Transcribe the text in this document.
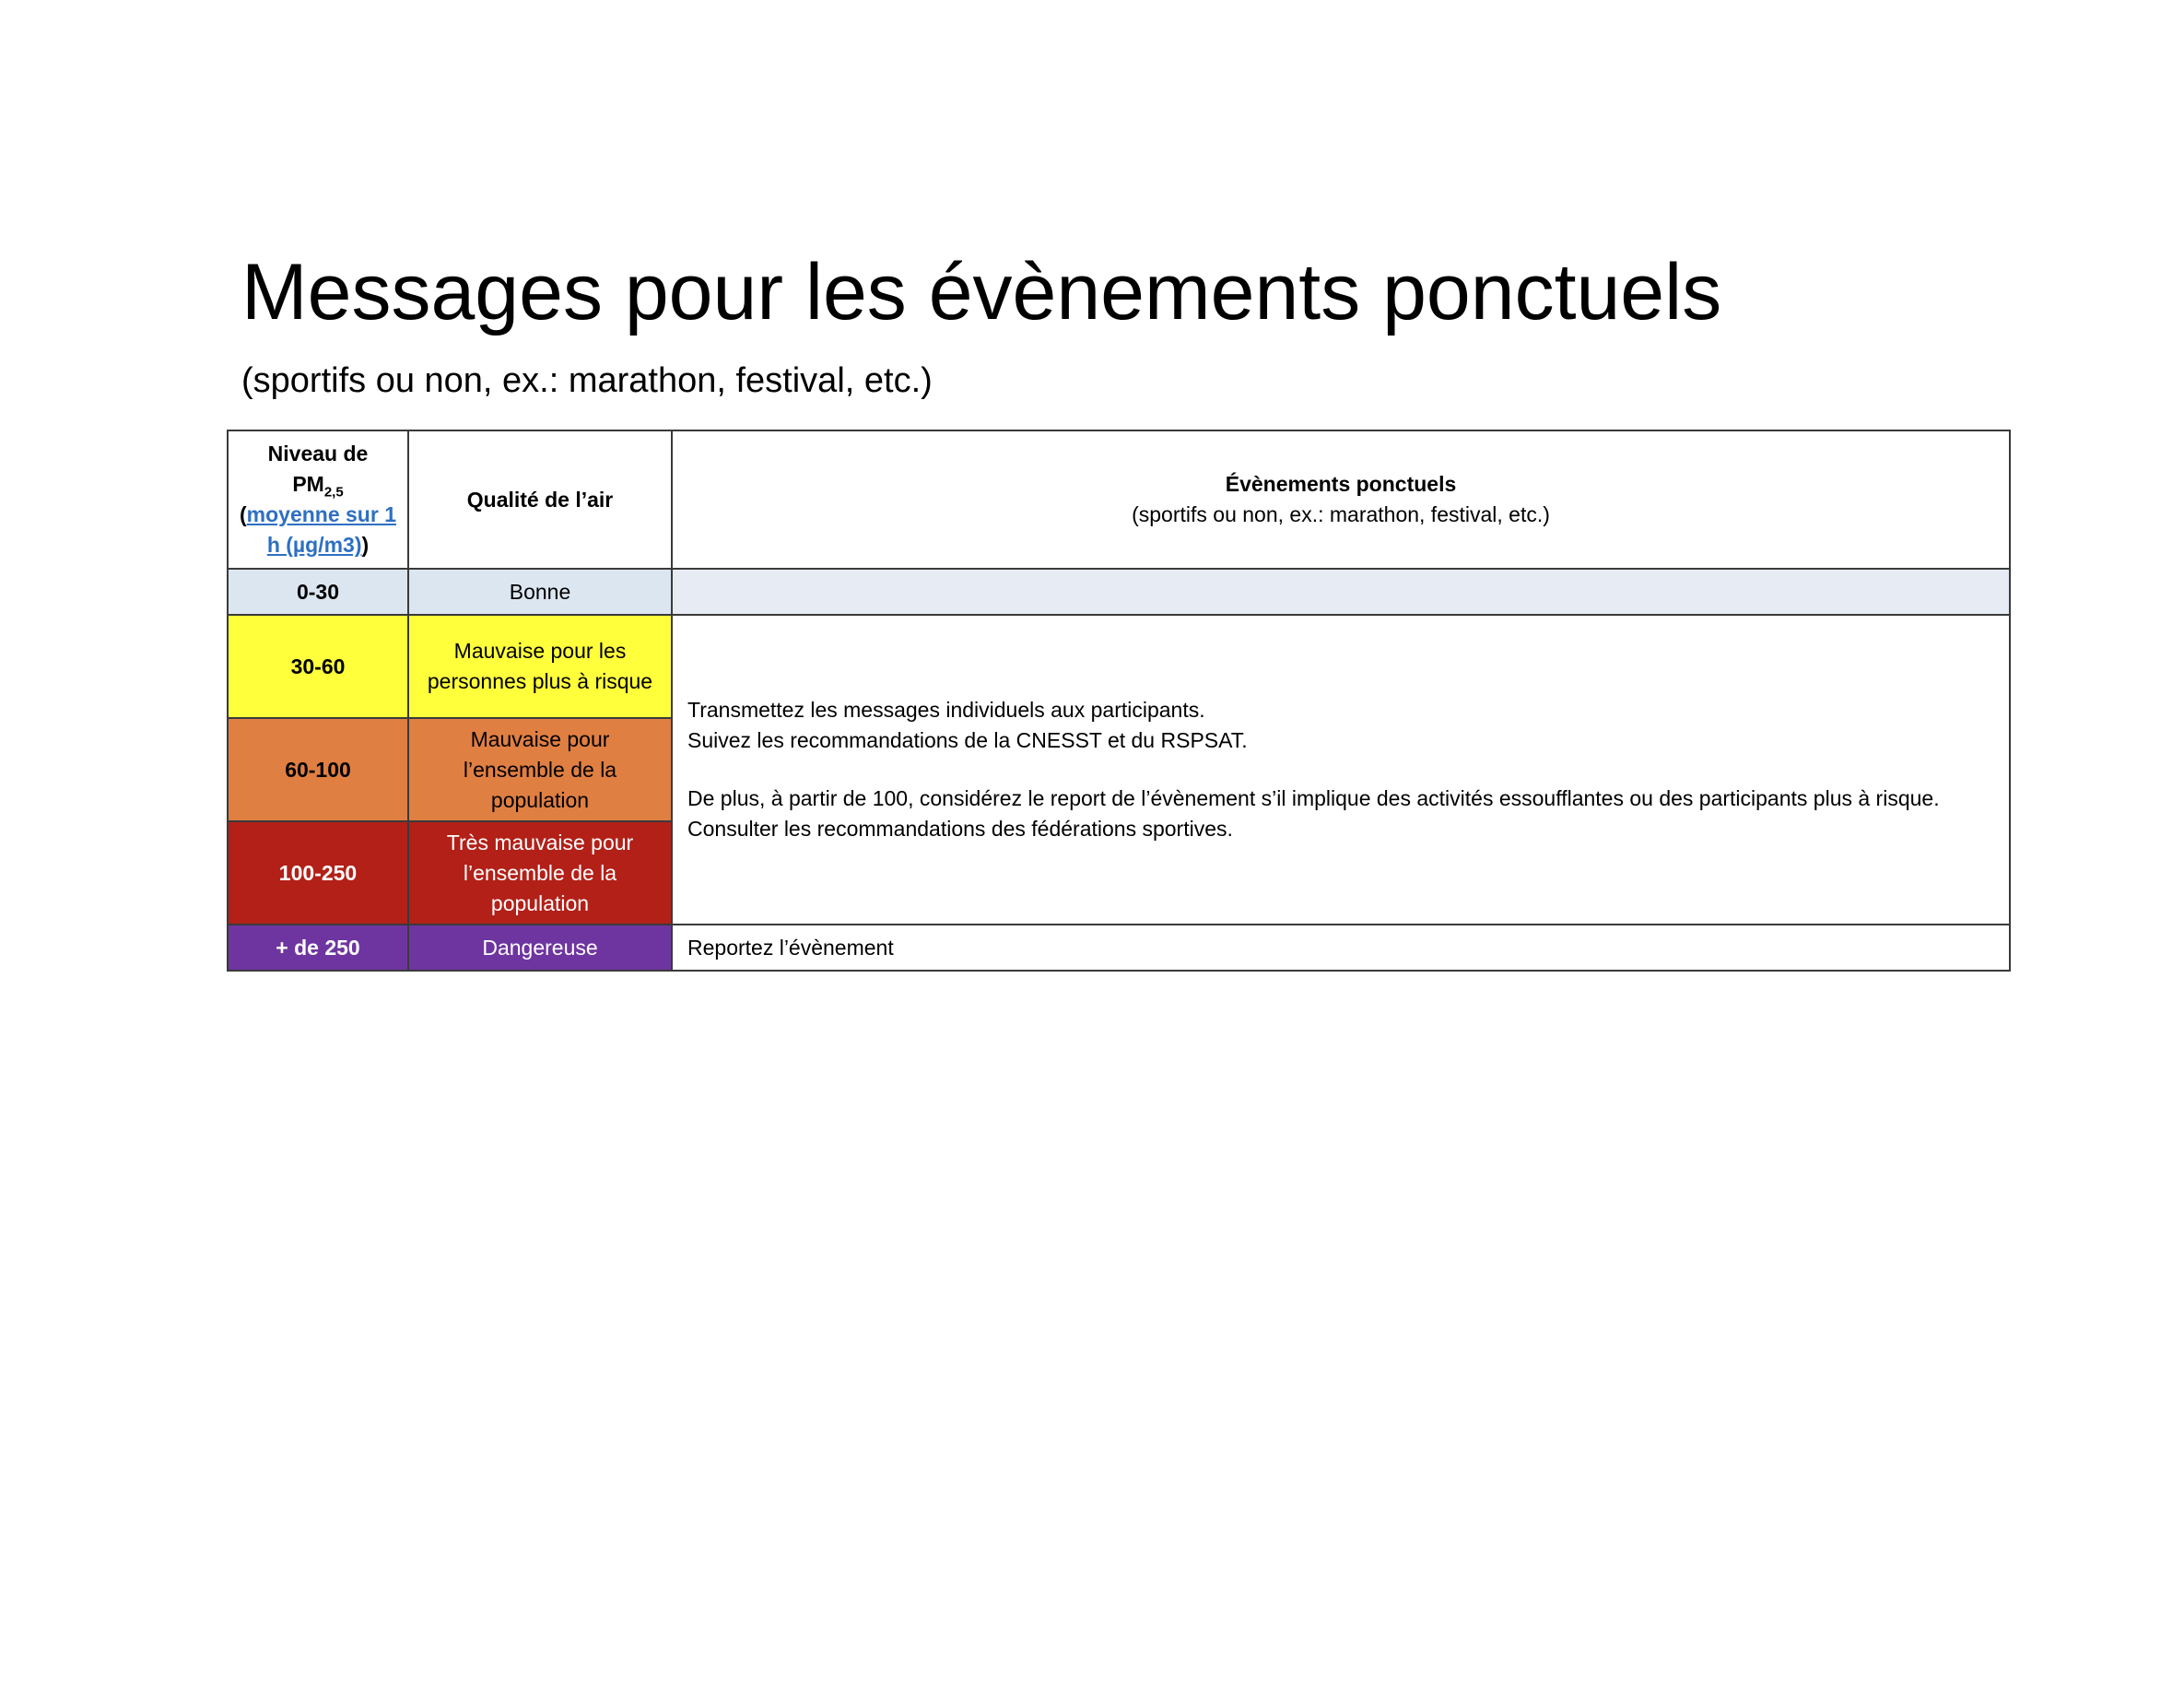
Messages pour les évènements ponctuels

(sportifs ou non, ex.: marathon, festival, etc.)

Niveau de
$PM_{2,5}$
(moyenne sur 1 h (µg/m3))	Qualité de l’air	Évènements ponctuels
(sportifs ou non, ex.: marathon, festival, etc.)

0-30	Bonne	
30-60	Mauvaise pour les personnes plus à risque	Transmettez les messages individuels aux participants.

Suivez les recommandations de la CNESST et du RSPSAT.

De plus, à partir de 100, considérez le report de l’évènement s’il implique des activités essoufflantes ou des participants plus à risque. Consulter les recommandations des fédérations sportives.

60-100	Mauvaise pour l’ensemble de la population	
100-250	Très mauvaise pour l’ensemble de la population	
+ de 250	Dangereuse	Reportez l’évènement
